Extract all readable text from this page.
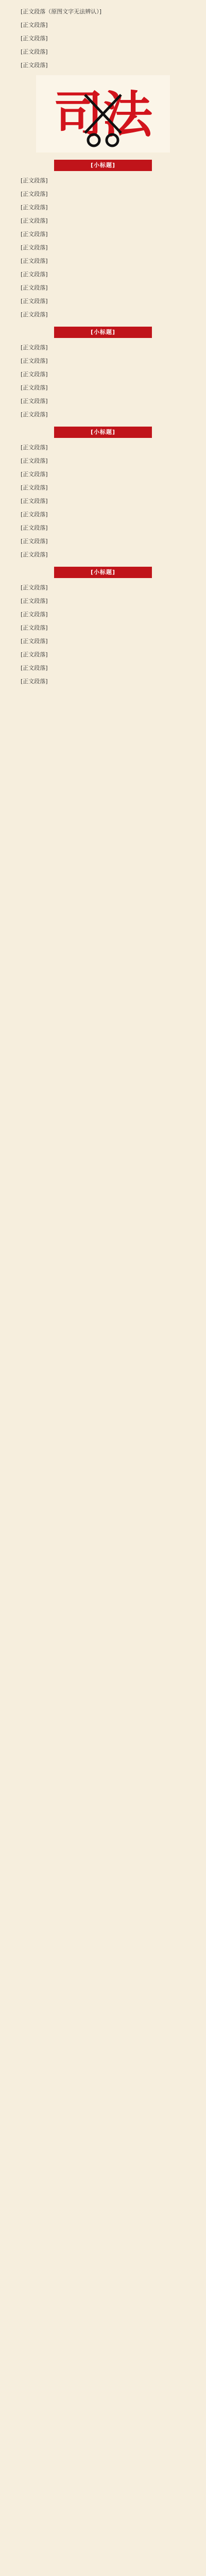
[正文段落（原图文字无法辨认）]

[正文段落]

[正文段落]

[正文段落]

[正文段落]

司法
[小标题]

[正文段落]

[正文段落]

[正文段落]

[正文段落]

[正文段落]

[正文段落]

[正文段落]

[正文段落]

[正文段落]

[正文段落]

[正文段落]

[小标题]

[正文段落]

[正文段落]

[正文段落]

[正文段落]

[正文段落]

[正文段落]

[小标题]

[正文段落]

[正文段落]

[正文段落]

[正文段落]

[正文段落]

[正文段落]

[正文段落]

[正文段落]

[正文段落]

[小标题]

[正文段落]

[正文段落]

[正文段落]

[正文段落]

[正文段落]

[正文段落]

[正文段落]

[正文段落]
